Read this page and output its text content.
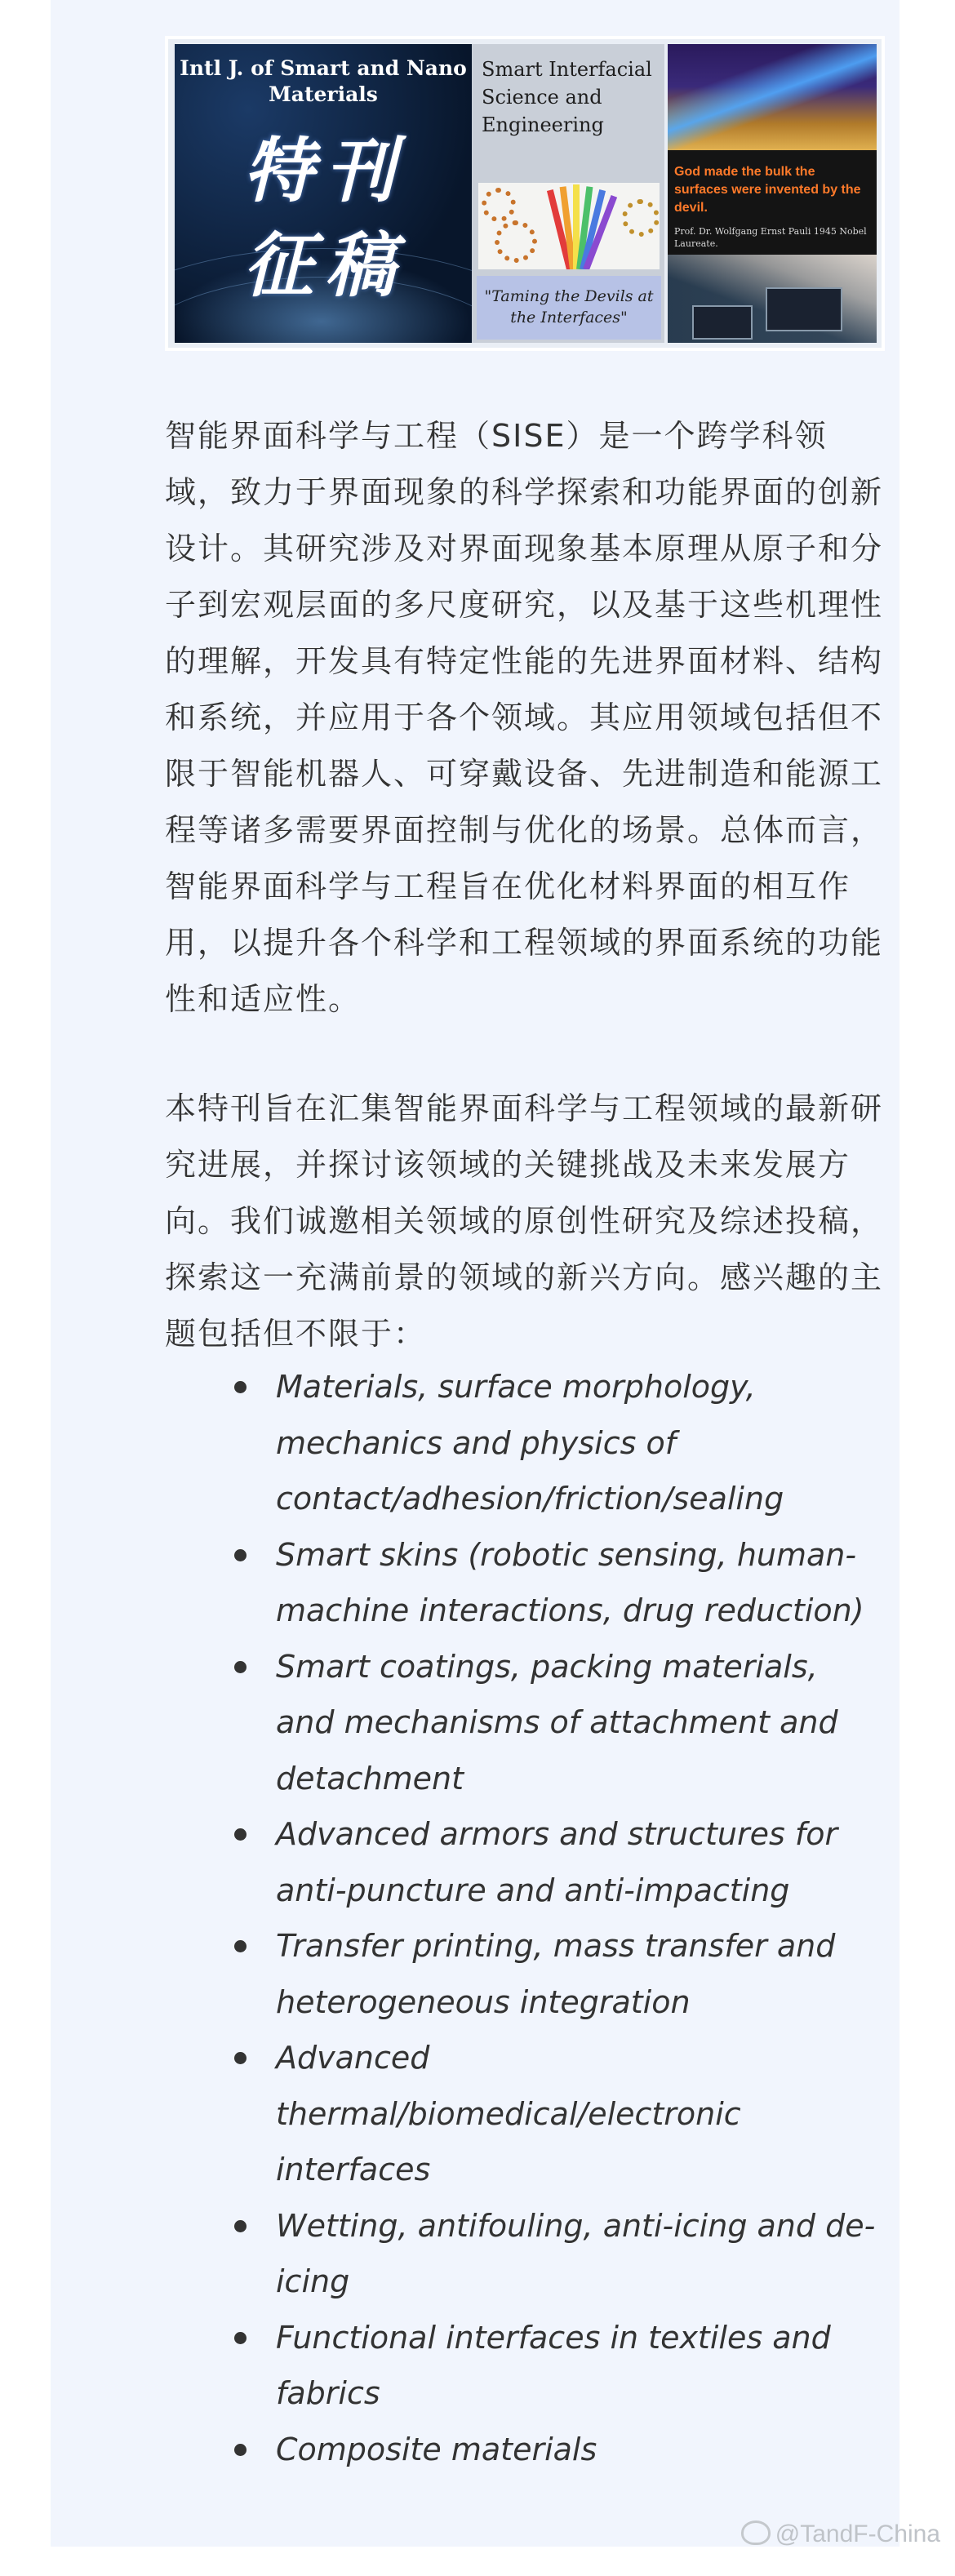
Intl J. of Smart and Nano Materials
特刊
征稿
Smart Interfacial Science and Engineering
"Taming the Devils at the Interfaces"
God made the bulk the surfaces were invented by the devil.
Prof. Dr. Wolfgang Ernst Pauli 1945 Nobel Laureate.

智能界面科学与工程（SISE）是一个跨学科领域，致力于界面现象的科学探索和功能界面的创新设计。其研究涉及对界面现象基本原理从原子和分子到宏观层面的多尺度研究，以及基于这些机理性的理解，开发具有特定性能的先进界面材料、结构和系统，并应用于各个领域。其应用领域包括但不限于智能机器人、可穿戴设备、先进制造和能源工程等诸多需要界面控制与优化的场景。总体而言，智能界面科学与工程旨在优化材料界面的相互作用，以提升各个科学和工程领域的界面系统的功能性和适应性。

本特刊旨在汇集智能界面科学与工程领域的最新研究进展，并探讨该领域的关键挑战及未来发展方向。我们诚邀相关领域的原创性研究及综述投稿，探索这一充满前景的领域的新兴方向。感兴趣的主题包括但不限于：

Materials, surface morphology, mechanics and physics of contact/adhesion/friction/sealing
Smart skins (robotic sensing, human-machine interactions, drug reduction)
Smart coatings, packing materials, and mechanisms of attachment and detachment
Advanced armors and structures for anti-puncture and anti-impacting
Transfer printing, mass transfer and heterogeneous integration
Advanced thermal/biomedical/electronic interfaces
Wetting, antifouling, anti-icing and de-icing
Functional interfaces in textiles and fabrics
Composite materials
@TandF-China
